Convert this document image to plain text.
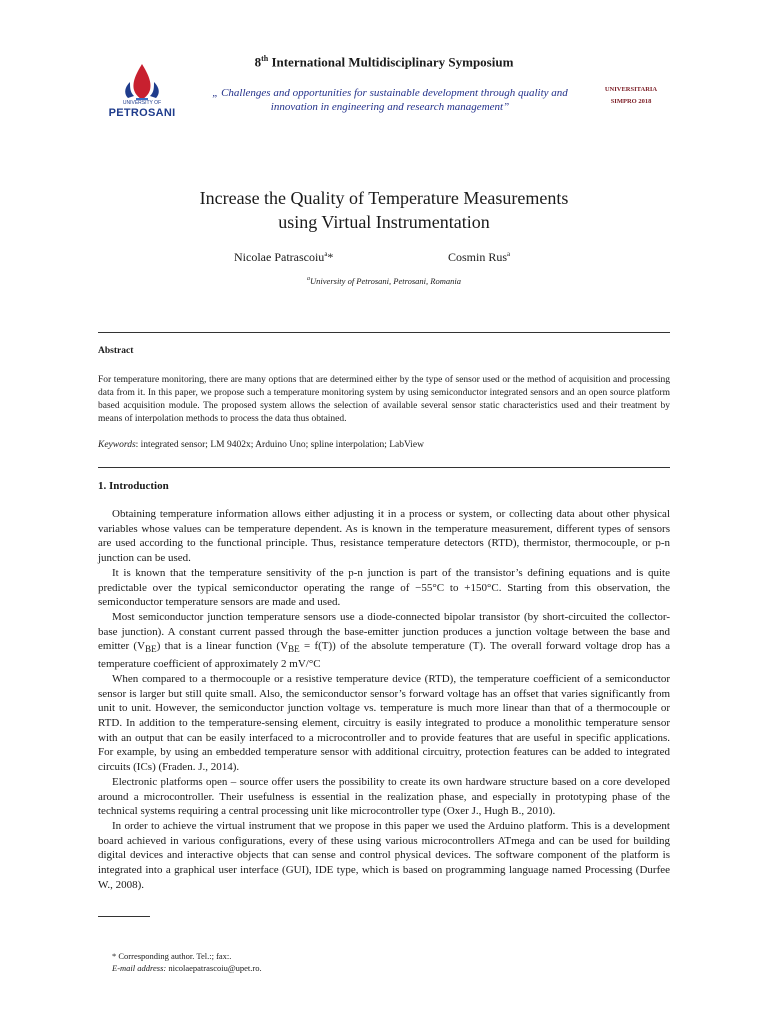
8th International Multidisciplinary Symposium
UNIVERSITY OF
PETROSANI
„ Challenges and opportunities for sustainable development through quality and
innovation in engineering and research management”
UNIVERSITARIA
SIMPRO 2018
Increase the Quality of Temperature Measurements
using Virtual Instrumentation
Nicolae Patrascoiu$^a$*	Cosmin Rus$^a$
$^a$University of Petrosani, Petrosani, Romania
Abstract
For temperature monitoring, there are many options that are determined either by the type of sensor used or the method of acquisition and processing data from it. In this paper, we propose such a temperature monitoring system by using semiconductor integrated sensors and an open source platform based acquisition module. The proposed system allows the selection of available several sensor static characteristics used and their treatment by means of interpolation methods to process the data thus obtained.
Keywords: integrated sensor; LM 9402x; Arduino Uno; spline interpolation; LabView
1. Introduction

Obtaining temperature information allows either adjusting it in a process or system, or collecting data about other physical variables whose values can be temperature dependent. As is known in the temperature measurement, different types of sensors are used according to the functional principle. Thus, resistance temperature detectors (RTD), thermistor, thermocouple, or p-n junction can be used.

It is known that the temperature sensitivity of the p-n junction is part of the transistor’s defining equations and is quite predictable over the typical semiconductor operating the range of −55°C to +150°C. Starting from this observation, the semiconductor temperature sensors are made and used.

Most semiconductor junction temperature sensors use a diode-connected bipolar transistor (by short-circuited the collector-base junction). A constant current passed through the base-emitter junction produces a junction voltage between the base and emitter $(V_{BE})$ that is a linear function $(V_{BE} = f(T))$ of the absolute temperature (T). The overall forward voltage drop has a temperature coefficient of approximately 2 mV/°C

When compared to a thermocouple or a resistive temperature device (RTD), the temperature coefficient of a semiconductor sensor is larger but still quite small. Also, the semiconductor sensor’s forward voltage has an offset that varies significantly from unit to unit. However, the semiconductor junction voltage vs. temperature is much more linear than that of a thermocouple or RTD. In addition to the temperature-sensing element, circuitry is easily integrated to produce a monolithic temperature sensor with an output that can be easily interfaced to a microcontroller and to provide features that are useful in specific applications. For example, by using an embedded temperature sensor with additional circuitry, protection features can be added to integrated circuits (ICs) (Fraden. J., 2014).

Electronic platforms open – source offer users the possibility to create its own hardware structure based on a core developed around a microcontroller. Their usefulness is essential in the realization phase, and especially in prototyping phase of the technical systems requiring a central processing unit like microcontroller type (Oxer J., Hugh B., 2010).

In order to achieve the virtual instrument that we propose in this paper we used the Arduino platform. This is a development board achieved in various configurations, every of these using various microcontrollers ATmega and can be used for building digital devices and interactive objects that can sense and control physical devices. The software component of the platform is integrated into a graphical user interface (GUI), IDE type, which is based on programming language named Processing (Durfee W., 2008).

* Corresponding author. Tel.:; fax:.
E-mail address: nicolaepatrascoiu@upet.ro.
